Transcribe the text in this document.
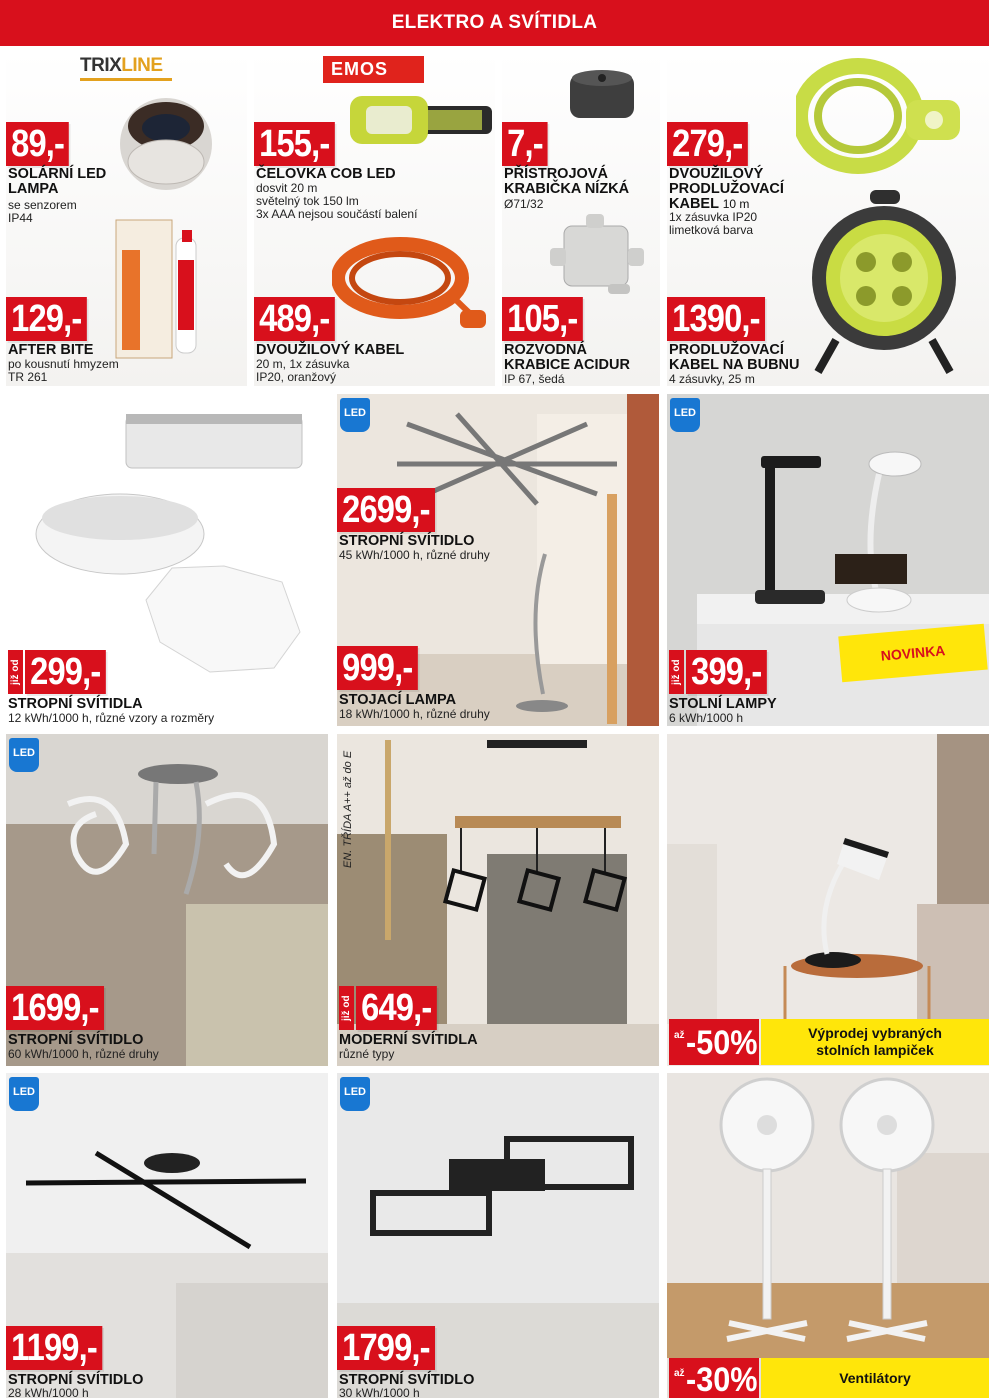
ELEKTRO A SVÍTIDLA
TRIXLINE
89,-
SOLÁRNÍ LED LAMPA
se senzorem
IP44
129,-
AFTER BITE
po kousnutí hmyzem
TR 261
EMOS
155,-
ČELOVKA COB LED
dosvit 20 m
světelný tok 150 lm
3x AAA nejsou součástí balení
489,-
DVOUŽILOVÝ KABEL
20 m, 1x zásuvka
IP20, oranžový
7,-
PŘÍSTROJOVÁ KRABIČKA NÍZKÁ
Ø71/32
105,-
ROZVODNÁ KRABICE ACIDUR
IP 67, šedá
279,-
DVOUŽILOVÝ PRODLUŽOVACÍ KABEL 10 m
1x zásuvka IP20
limetková barva
1390,-
PRODLUŽOVACÍ KABEL NA BUBNU
4 zásuvky, 25 m
již od 299,-
STROPNÍ SVÍTIDLA
12 kWh/1000 h, různé vzory a rozměry
LED
2699,-
STROPNÍ SVÍTIDLO
45 kWh/1000 h, různé druhy
999,-
STOJACÍ LAMPA
18 kWh/1000 h, různé druhy
LED
NOVINKA
již od 399,-
STOLNÍ LAMPY
6 kWh/1000 h
LED
1699,-
STROPNÍ SVÍTIDLO
60 kWh/1000 h, různé druhy
EN. TŘÍDA A++ až do E
již od 649,-
MODERNÍ SVÍTIDLA
různé typy
až -50%	Výprodej vybraných
stolních lampiček
LED
1199,-
STROPNÍ SVÍTIDLO
28 kWh/1000 h
LED
1799,-
STROPNÍ SVÍTIDLO
30 kWh/1000 h
až -30%	Ventilátory
